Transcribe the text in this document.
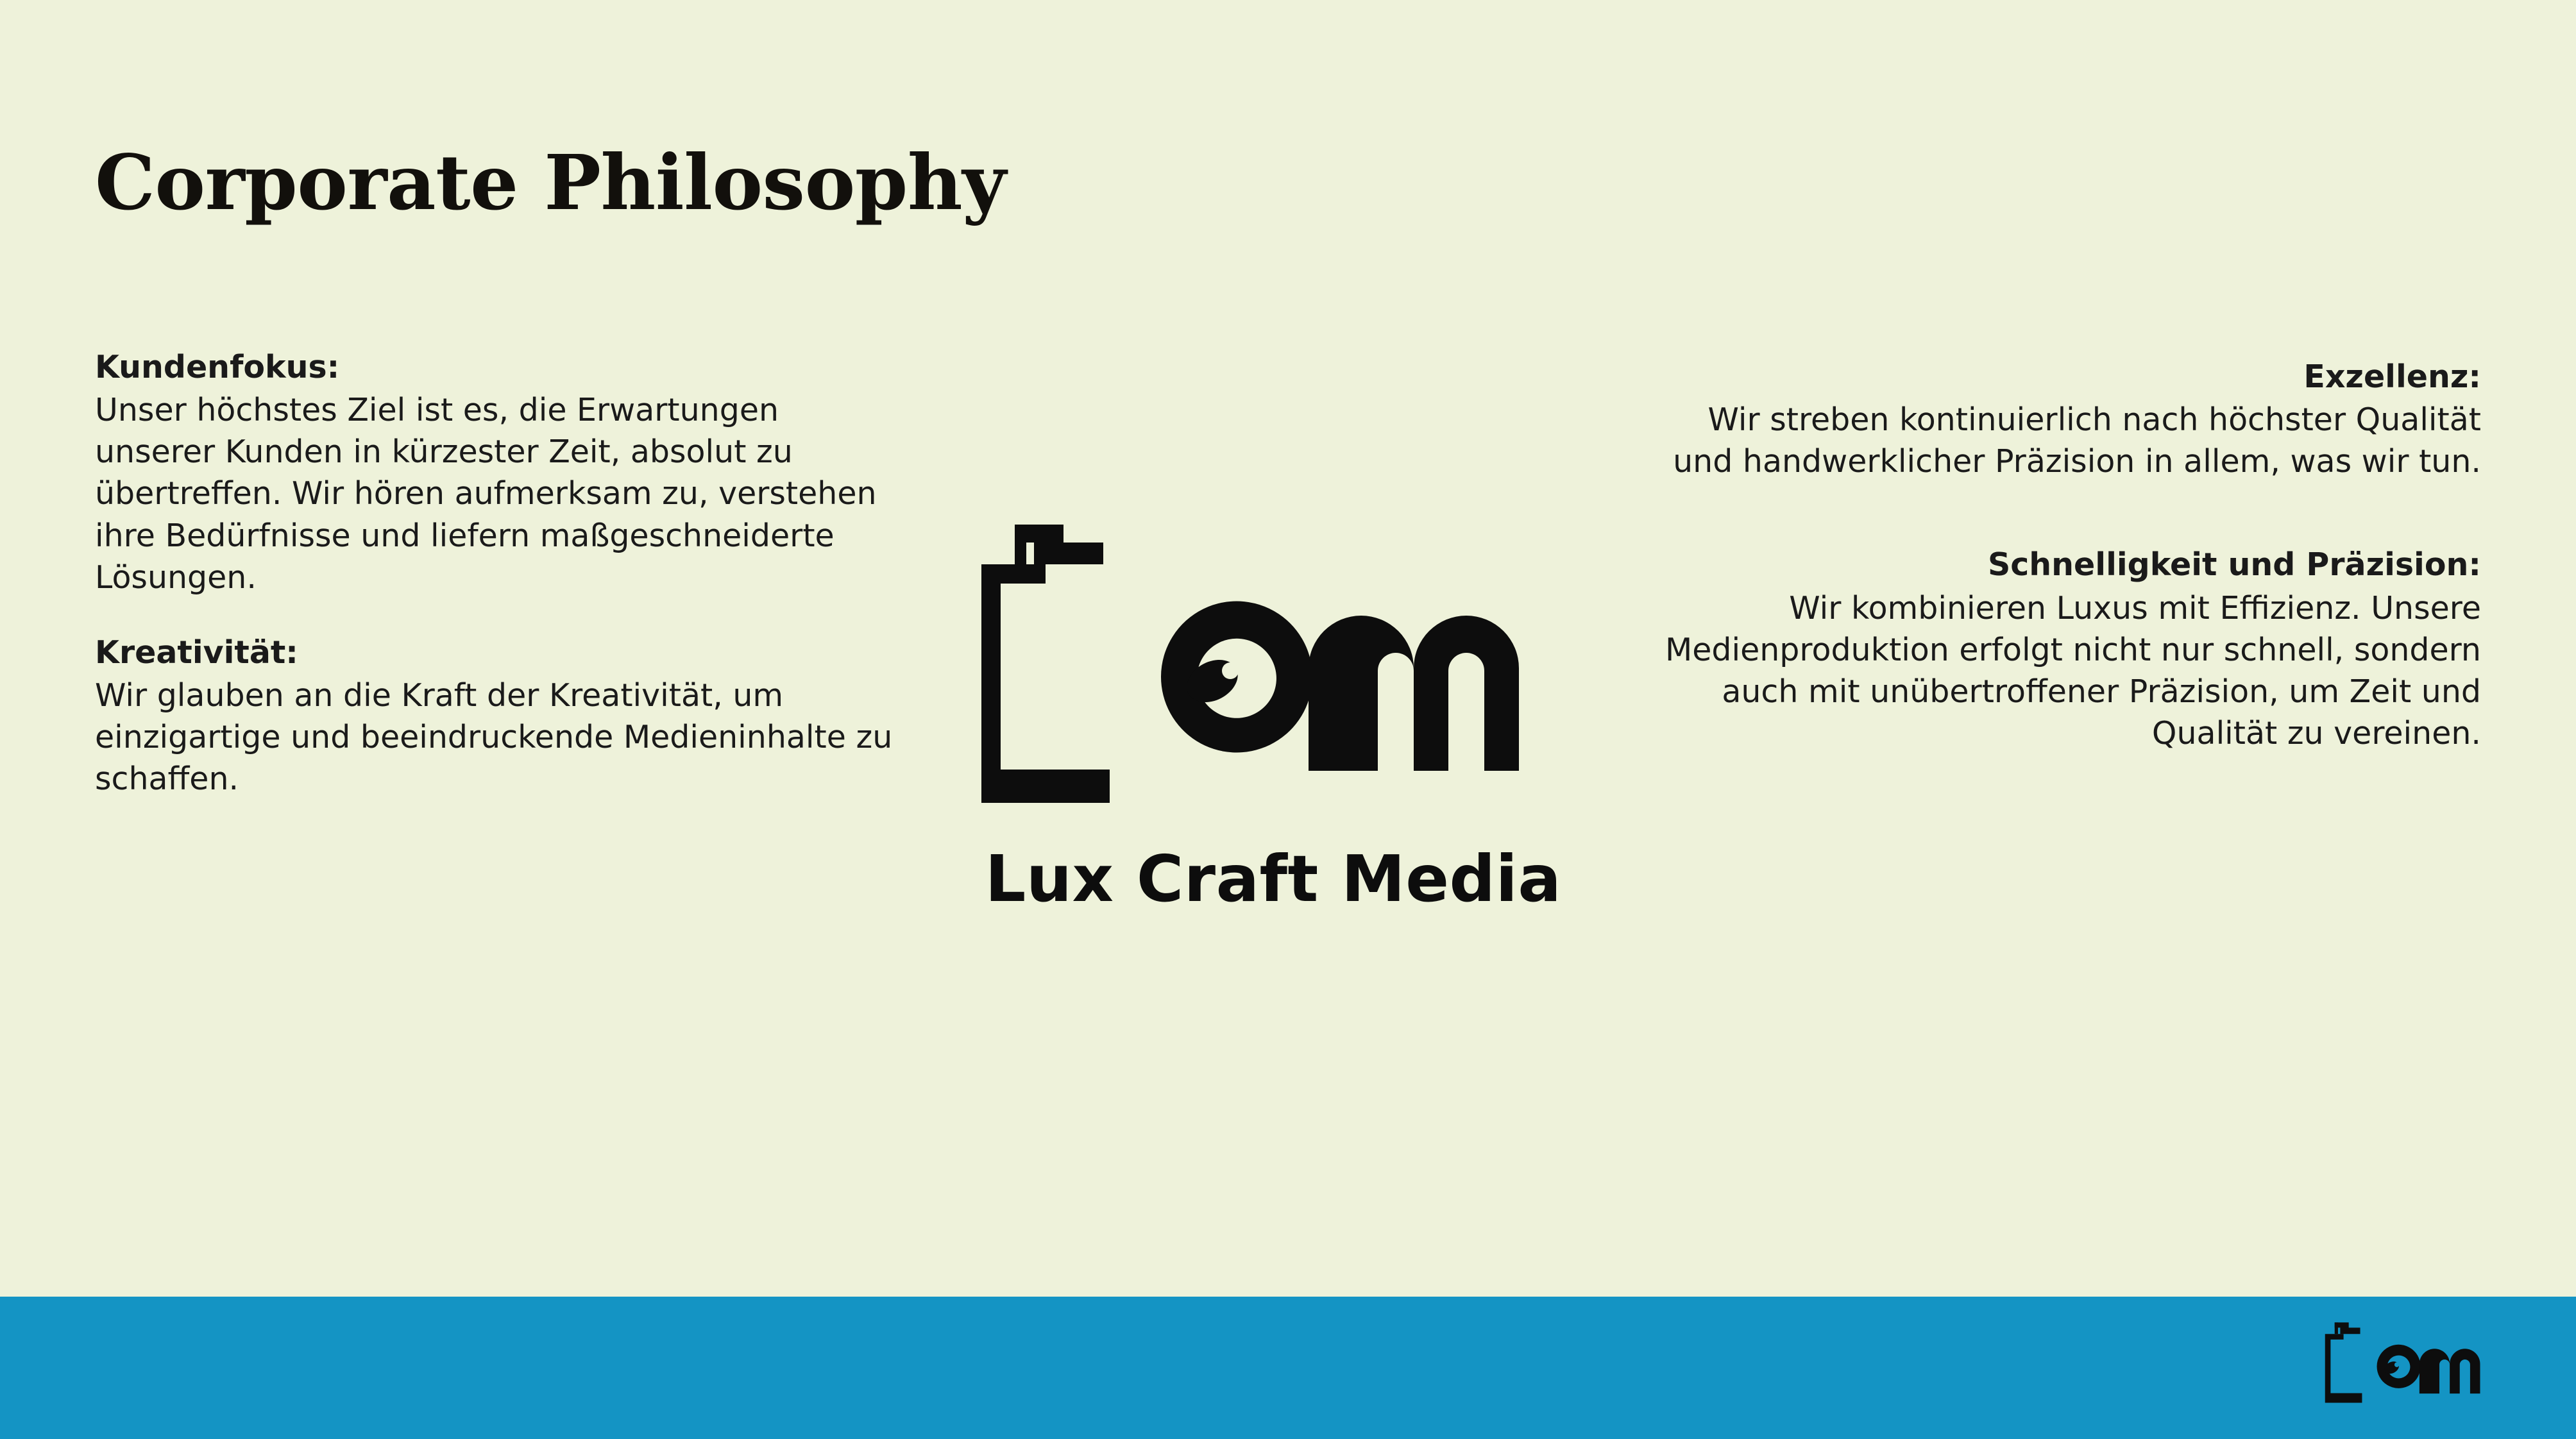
Corporate Philosophy
Kundenfokus:
Unser höchstes Ziel ist es, die Erwartungen unserer Kunden in kürzester Zeit, absolut zu übertreffen. Wir hören aufmerksam zu, verstehen ihre Bedürfnisse und liefern maßgeschneiderte Lösungen.
Kreativität:
Wir glauben an die Kraft der Kreativität, um einzigartige und beeindruckende Medieninhalte zu
schaffen.
Exzellenz:
Wir streben kontinuierlich nach höchster Qualität und handwerklicher Präzision in allem, was wir tun.
Schnelligkeit und Präzision:
Wir kombinieren Luxus mit Effizienz. Unsere Medienproduktion erfolgt nicht nur schnell, sondern auch mit unübertroffener Präzision, um Zeit und Qualität zu vereinen.
Lux Craft Media
